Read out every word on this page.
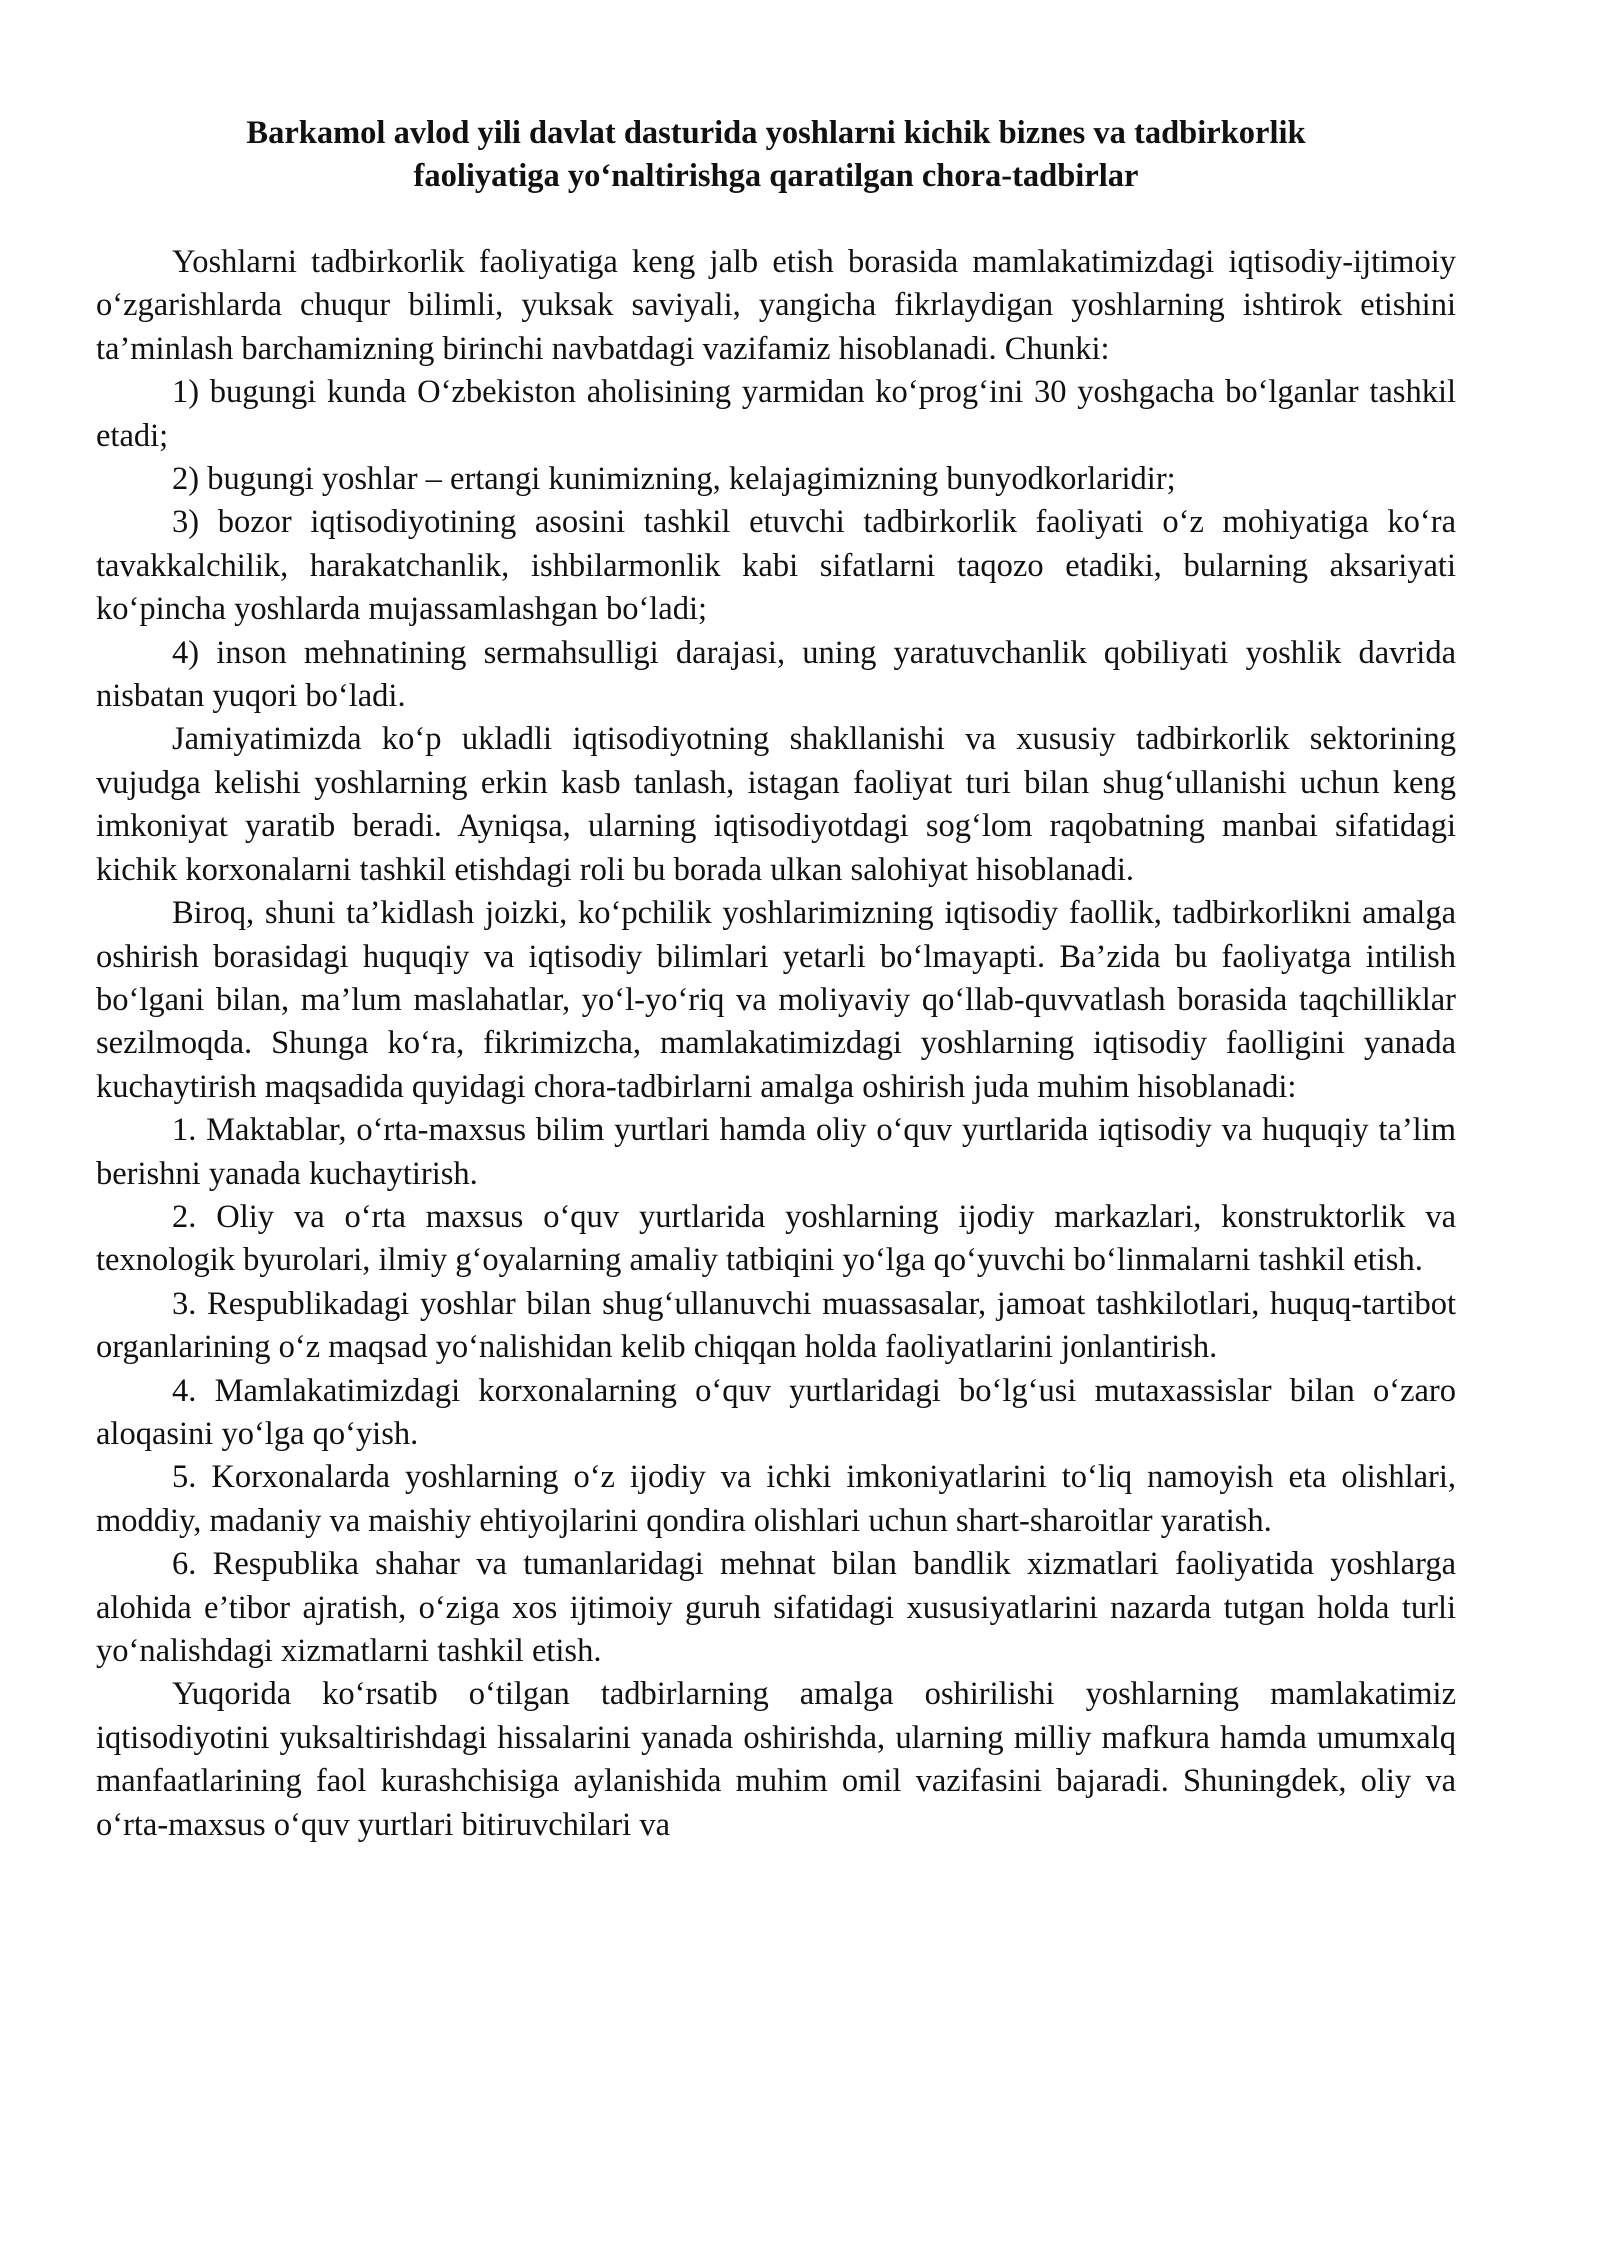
Barkamol avlod yili davlat dasturida yoshlarni kichik biznes va tadbirkorlik
faoliyatiga yo‘naltirishga qaratilgan chora-tadbirlar

Yoshlarni tadbirkorlik faoliyatiga keng jalb etish borasida mamlakatimizdagi iqtisodiy-ijtimoiy o‘zgarishlarda chuqur bilimli, yuksak saviyali, yangicha fikrlaydigan yoshlarning ishtirok etishini ta’minlash barchamizning birinchi navbatdagi vazifamiz hisoblanadi. Chunki:

1) bugungi kunda O‘zbekiston aholisining yarmidan ko‘prog‘ini 30 yoshgacha bo‘lganlar tashkil etadi;

2) bugungi yoshlar – ertangi kunimizning, kelajagimizning bunyodkorlaridir;

3) bozor iqtisodiyotining asosini tashkil etuvchi tadbirkorlik faoliyati o‘z mohiyatiga ko‘ra tavakkalchilik, harakatchanlik, ishbilarmonlik kabi sifatlarni taqozo etadiki, bularning aksariyati ko‘pincha yoshlarda mujassamlashgan bo‘ladi;

4) inson mehnatining sermahsulligi darajasi, uning yaratuvchanlik qobiliyati yoshlik davrida nisbatan yuqori bo‘ladi.

Jamiyatimizda ko‘p ukladli iqtisodiyotning shakllanishi va xususiy tadbirkorlik sektorining vujudga kelishi yoshlarning erkin kasb tanlash, istagan faoliyat turi bilan shug‘ullanishi uchun keng imkoniyat yaratib beradi. Ayniqsa, ularning iqtisodiyotdagi sog‘lom raqobatning manbai sifatidagi kichik korxonalarni tashkil etishdagi roli bu borada ulkan salohiyat hisoblanadi.

Biroq, shuni ta’kidlash joizki, ko‘pchilik yoshlarimizning iqtisodiy faollik, tadbirkorlikni amalga oshirish borasidagi huquqiy va iqtisodiy bilimlari yetarli bo‘lmayapti. Ba’zida bu faoliyatga intilish bo‘lgani bilan, ma’lum maslahatlar, yo‘l-yo‘riq va moliyaviy qo‘llab-quvvatlash borasida taqchilliklar sezilmoqda. Shunga ko‘ra, fikrimizcha, mamlakatimizdagi yoshlarning iqtisodiy faolligini yanada kuchaytirish maqsadida quyidagi chora-tadbirlarni amalga oshirish juda muhim hisoblanadi:

1. Maktablar, o‘rta-maxsus bilim yurtlari hamda oliy o‘quv yurtlarida iqtisodiy va huquqiy ta’lim berishni yanada kuchaytirish.

2. Oliy va o‘rta maxsus o‘quv yurtlarida yoshlarning ijodiy markazlari, konstruktorlik va texnologik byurolari, ilmiy g‘oyalarning amaliy tatbiqini yo‘lga qo‘yuvchi bo‘linmalarni tashkil etish.

3. Respublikadagi yoshlar bilan shug‘ullanuvchi muassasalar, jamoat tashkilotlari, huquq-tartibot organlarining o‘z maqsad yo‘nalishidan kelib chiqqan holda faoliyatlarini jonlantirish.

4. Mamlakatimizdagi korxonalarning o‘quv yurtlaridagi bo‘lg‘usi mutaxassislar bilan o‘zaro aloqasini yo‘lga qo‘yish.

5. Korxonalarda yoshlarning o‘z ijodiy va ichki imkoniyatlarini to‘liq namoyish eta olishlari, moddiy, madaniy va maishiy ehtiyojlarini qondira olishlari uchun shart-sharoitlar yaratish.

6. Respublika shahar va tumanlaridagi mehnat bilan bandlik xizmatlari faoliyatida yoshlarga alohida e’tibor ajratish, o‘ziga xos ijtimoiy guruh sifatidagi xususiyatlarini nazarda tutgan holda turli yo‘nalishdagi xizmatlarni tashkil etish.

Yuqorida ko‘rsatib o‘tilgan tadbirlarning amalga oshirilishi yoshlarning mamlakatimiz iqtisodiyotini yuksaltirishdagi hissalarini yanada oshirishda, ularning milliy mafkura hamda umumxalq manfaatlarining faol kurashchisiga aylanishida muhim omil vazifasini bajaradi. Shuningdek, oliy va o‘rta-maxsus o‘quv yurtlari bitiruvchilari va
